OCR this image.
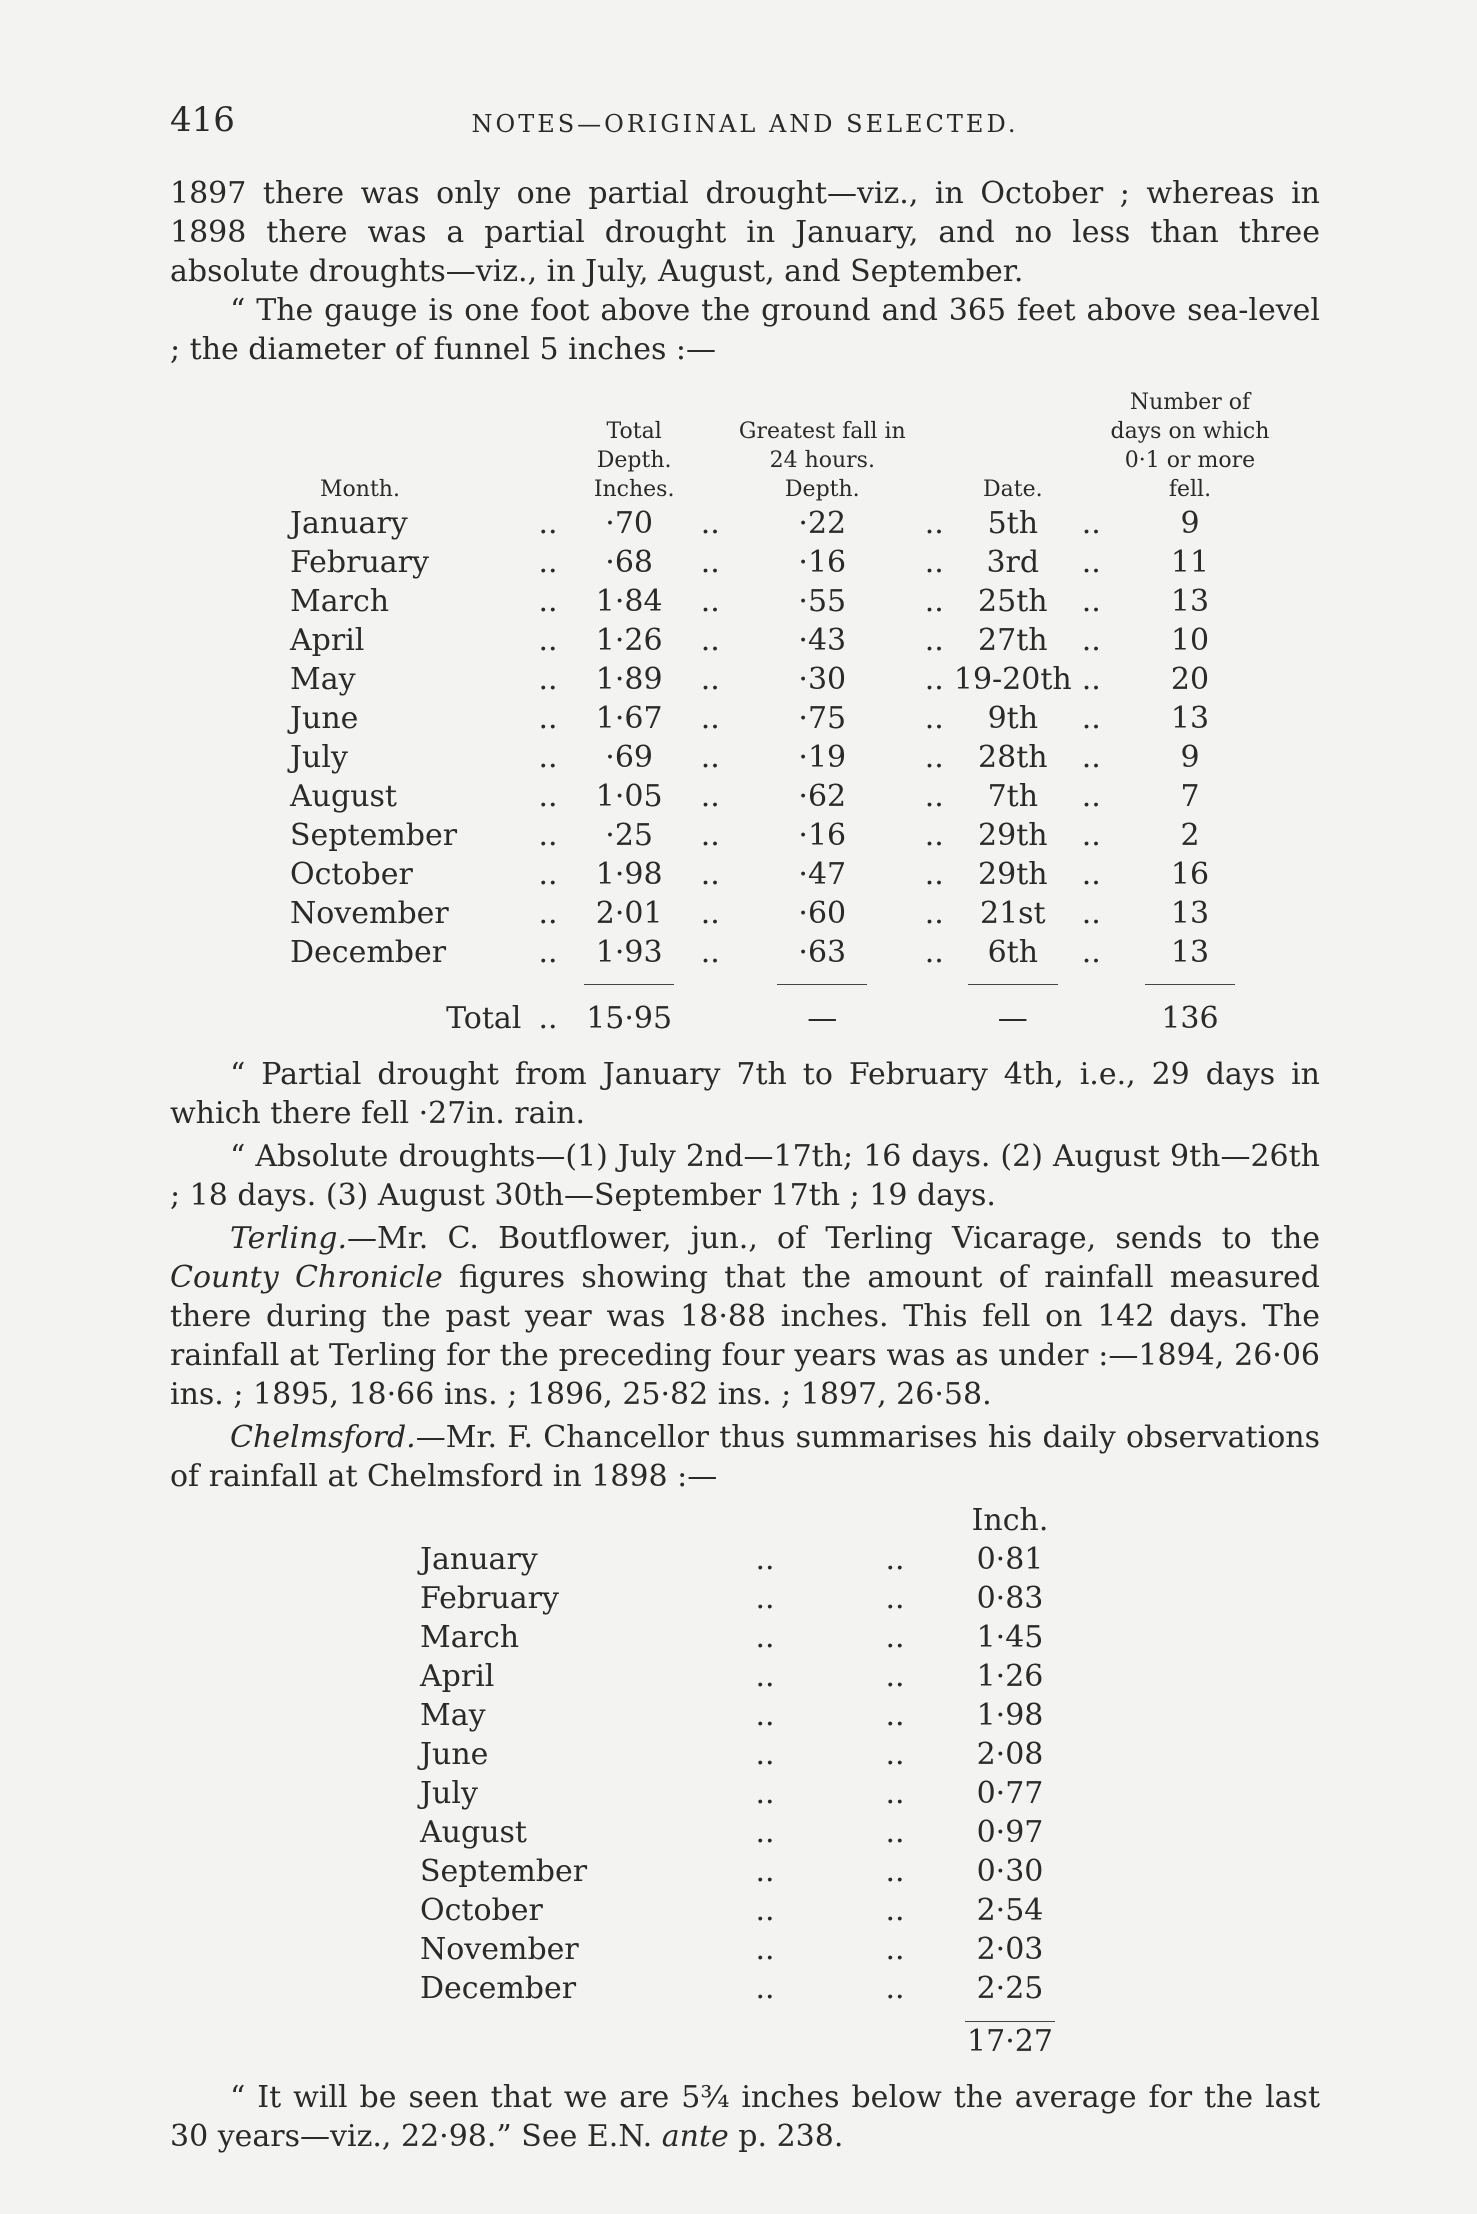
416	NOTES—ORIGINAL AND SELECTED.

1897 there was only one partial drought—viz., in October ; whereas in 1898 there was a partial drought in January, and no less than three absolute droughts—viz., in July, August, and September.

“ The gauge is one foot above the ground and 365 feet above sea-level ; the diameter of funnel 5 inches :—

Month.		Total Depth. Inches.		Greatest fall in 24 hours. Depth.		Date.		Number of days on which 0·1 or more fell.
January	..	·70	..	·22	..	5th	..	9
February	..	·68	..	·16	..	3rd	..	11
March	..	1·84	..	·55	..	25th	..	13
April	..	1·26	..	·43	..	27th	..	10
May	..	1·89	..	·30	..	19-20th	..	20
June	..	1·67	..	·75	..	9th	..	13
July	..	·69	..	·19	..	28th	..	9
August	..	1·05	..	·62	..	7th	..	7
September	..	·25	..	·16	..	29th	..	2
October	..	1·98	..	·47	..	29th	..	16
November	..	2·01	..	·60	..	21st	..	13
December	..	1·93	..	·63	..	6th	..	13

Total	..	15·95		—		—		136

“ Partial drought from January 7th to February 4th, i.e., 29 days in which there fell ·27in. rain.

“ Absolute droughts—(1) July 2nd—17th; 16 days. (2) August 9th—26th ; 18 days. (3) August 30th—September 17th ; 19 days.

Terling.—Mr. C. Boutflower, jun., of Terling Vicarage, sends to the County Chronicle figures showing that the amount of rainfall measured there during the past year was 18·88 inches. This fell on 142 days. The rainfall at Terling for the preceding four years was as under :—1894, 26·06 ins. ; 1895, 18·66 ins. ; 1896, 25·82 ins. ; 1897, 26·58.

Chelmsford.—Mr. F. Chancellor thus summarises his daily observations of rainfall at Chelmsford in 1898 :—

			Inch.
January	..	..	0·81
February	..	..	0·83
March	..	..	1·45
April	..	..	1·26
May	..	..	1·98
June	..	..	2·08
July	..	..	0·77
August	..	..	0·97
September	..	..	0·30
October	..	..	2·54
November	..	..	2·03
December	..	..	2·25

			17·27

“ It will be seen that we are 5¾ inches below the average for the last 30 years—viz., 22·98.” See E.N. ante p. 238.
